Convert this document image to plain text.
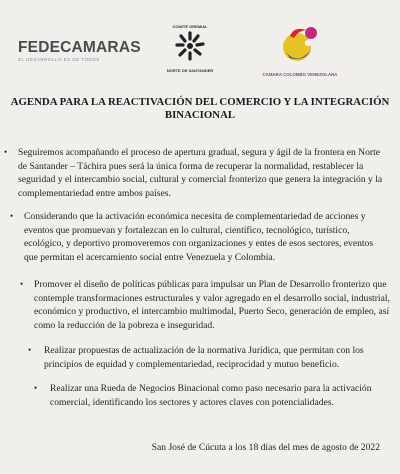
FEDECAMARAS
EL DESARROLLO ES DE TODOS
COMITÉ GREMIAL
NORTE DE SANTANDER
CAMARA COLOMBO VENEZOLANA
AGENDA PARA LA REACTIVACIÓN DEL COMERCIO Y LA INTEGRACIÓN BINACIONAL
• Seguiremos acompañando el proceso de apertura gradual, segura y ágil de la frontera en Norte de Santander – Táchira pues será la única forma de recuperar la normalidad, restablecer la seguridad y el intercambio social, cultural y comercial fronterizo que genera la integración y la complementariedad entre ambos países.
• Considerando que la activación económica necesita de complementariedad de acciones y eventos que promuevan y fortalezcan en lo cultural, científico, tecnológico, turístico, ecológico, y deportivo promoveremos con organizaciones y entes de esos sectores, eventos que permitan el acercamiento social entre Venezuela y Colombia.
• Promover el diseño de políticas públicas para impulsar un Plan de Desarrollo fronterizo que contemple transformaciones estructurales y valor agregado en el desarrollo social, industrial, económico y productivo, el intercambio multimodal, Puerto Seco, generación de empleo, así como la reducción de la pobreza e inseguridad.
• Realizar propuestas de actualización de la normativa Jurídica, que permitan con los principios de equidad y complementariedad, reciprocidad y mutuo beneficio.
• Realizar una Rueda de Negocios Binacional como paso necesario para la activación comercial, identificando los sectores y actores claves con potencialidades.
San José de Cúcuta a los 18 días del mes de agosto de 2022
